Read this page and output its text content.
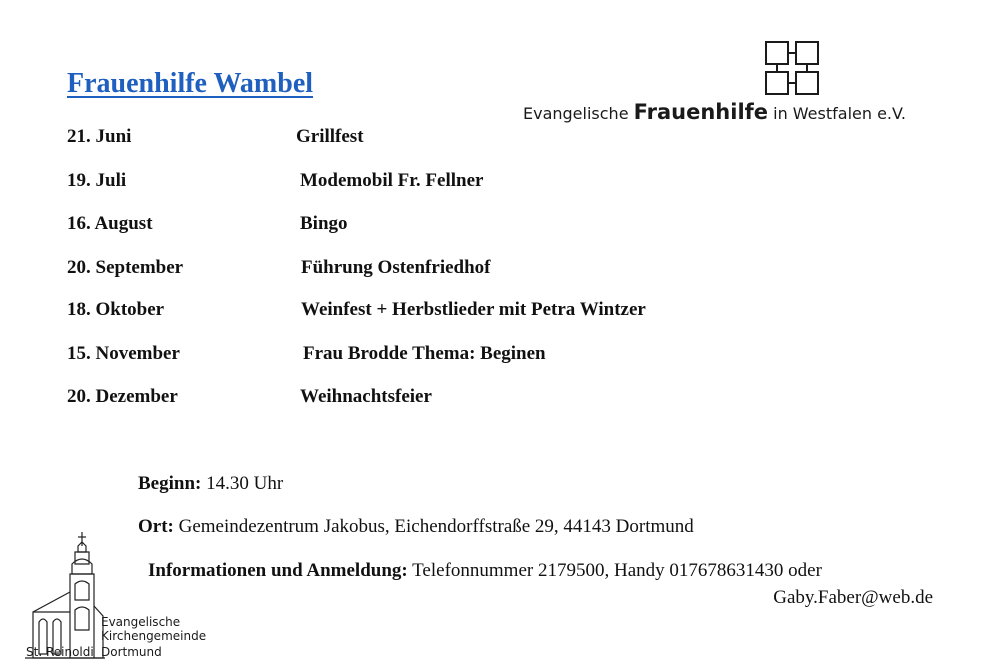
Frauenhilfe Wambel
Evangelische Frauenhilfe in Westfalen e.V.
21. Juni	Grillfest
19. Juli	Modemobil Fr. Fellner
16. August	Bingo
20. September	Führung Ostenfriedhof
18. Oktober	Weinfest + Herbstlieder mit Petra Wintzer
15. November	Frau Brodde Thema: Beginen
20. Dezember	Weihnachtsfeier
Beginn: 14.30 Uhr
Ort: Gemeindezentrum Jakobus, Eichendorffstraße 29, 44143 Dortmund
Informationen und Anmeldung: Telefonnummer 2179500, Handy 017678631430 oder
Gaby.Faber@web.de
Evangelische
Kirchengemeinde
St. Reinoldi Dortmund
